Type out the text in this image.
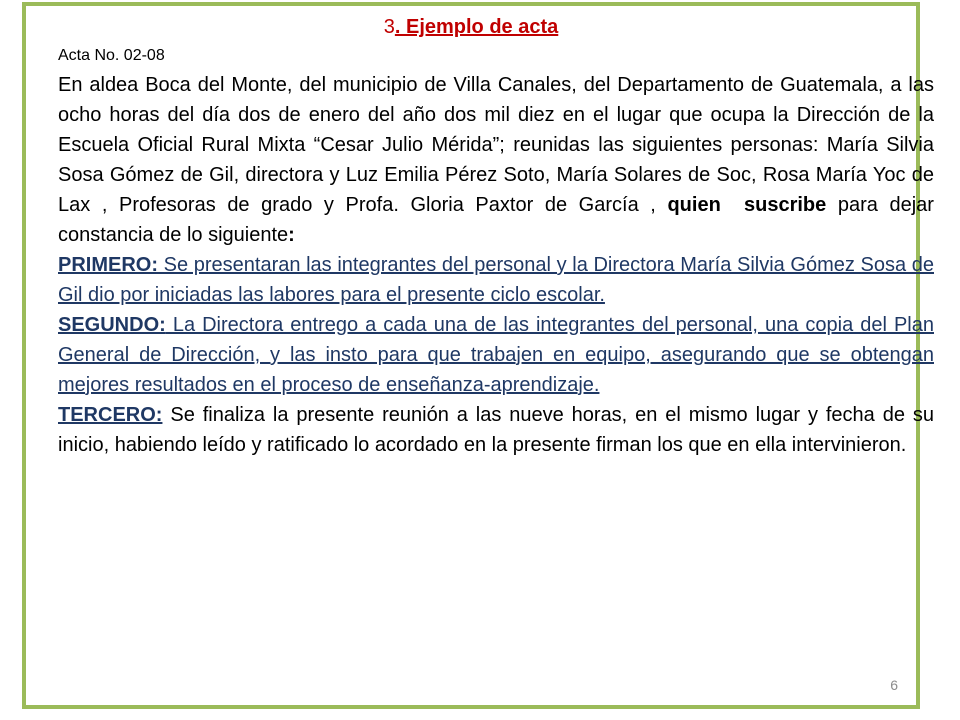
3. Ejemplo de acta
Acta No. 02-08

En aldea Boca del Monte, del municipio de Villa Canales, del Departamento de Guatemala, a las ocho horas del día dos de enero del año dos mil diez en el lugar que ocupa la Dirección de la Escuela Oficial Rural Mixta “Cesar Julio Mérida”; reunidas las siguientes personas: María Silvia Sosa Gómez de Gil, directora y Luz Emilia Pérez Soto, María Solares de Soc, Rosa María Yoc de Lax , Profesoras de grado y Profa. Gloria Paxtor de García , quien suscribe para dejar constancia de lo siguiente:

PRIMERO: Se presentaran las integrantes del personal y la Directora María Silvia Gómez Sosa de Gil dio por iniciadas las labores para el presente ciclo escolar.

SEGUNDO: La Directora entrego a cada una de las integrantes del personal, una copia del Plan General de Dirección, y las insto para que trabajen en equipo, asegurando que se obtengan mejores resultados en el proceso de enseñanza-aprendizaje.

TERCERO: Se finaliza la presente reunión a las nueve horas, en el mismo lugar y fecha de su inicio, habiendo leído y ratificado lo acordado en la presente firman los que en ella intervinieron.

6
